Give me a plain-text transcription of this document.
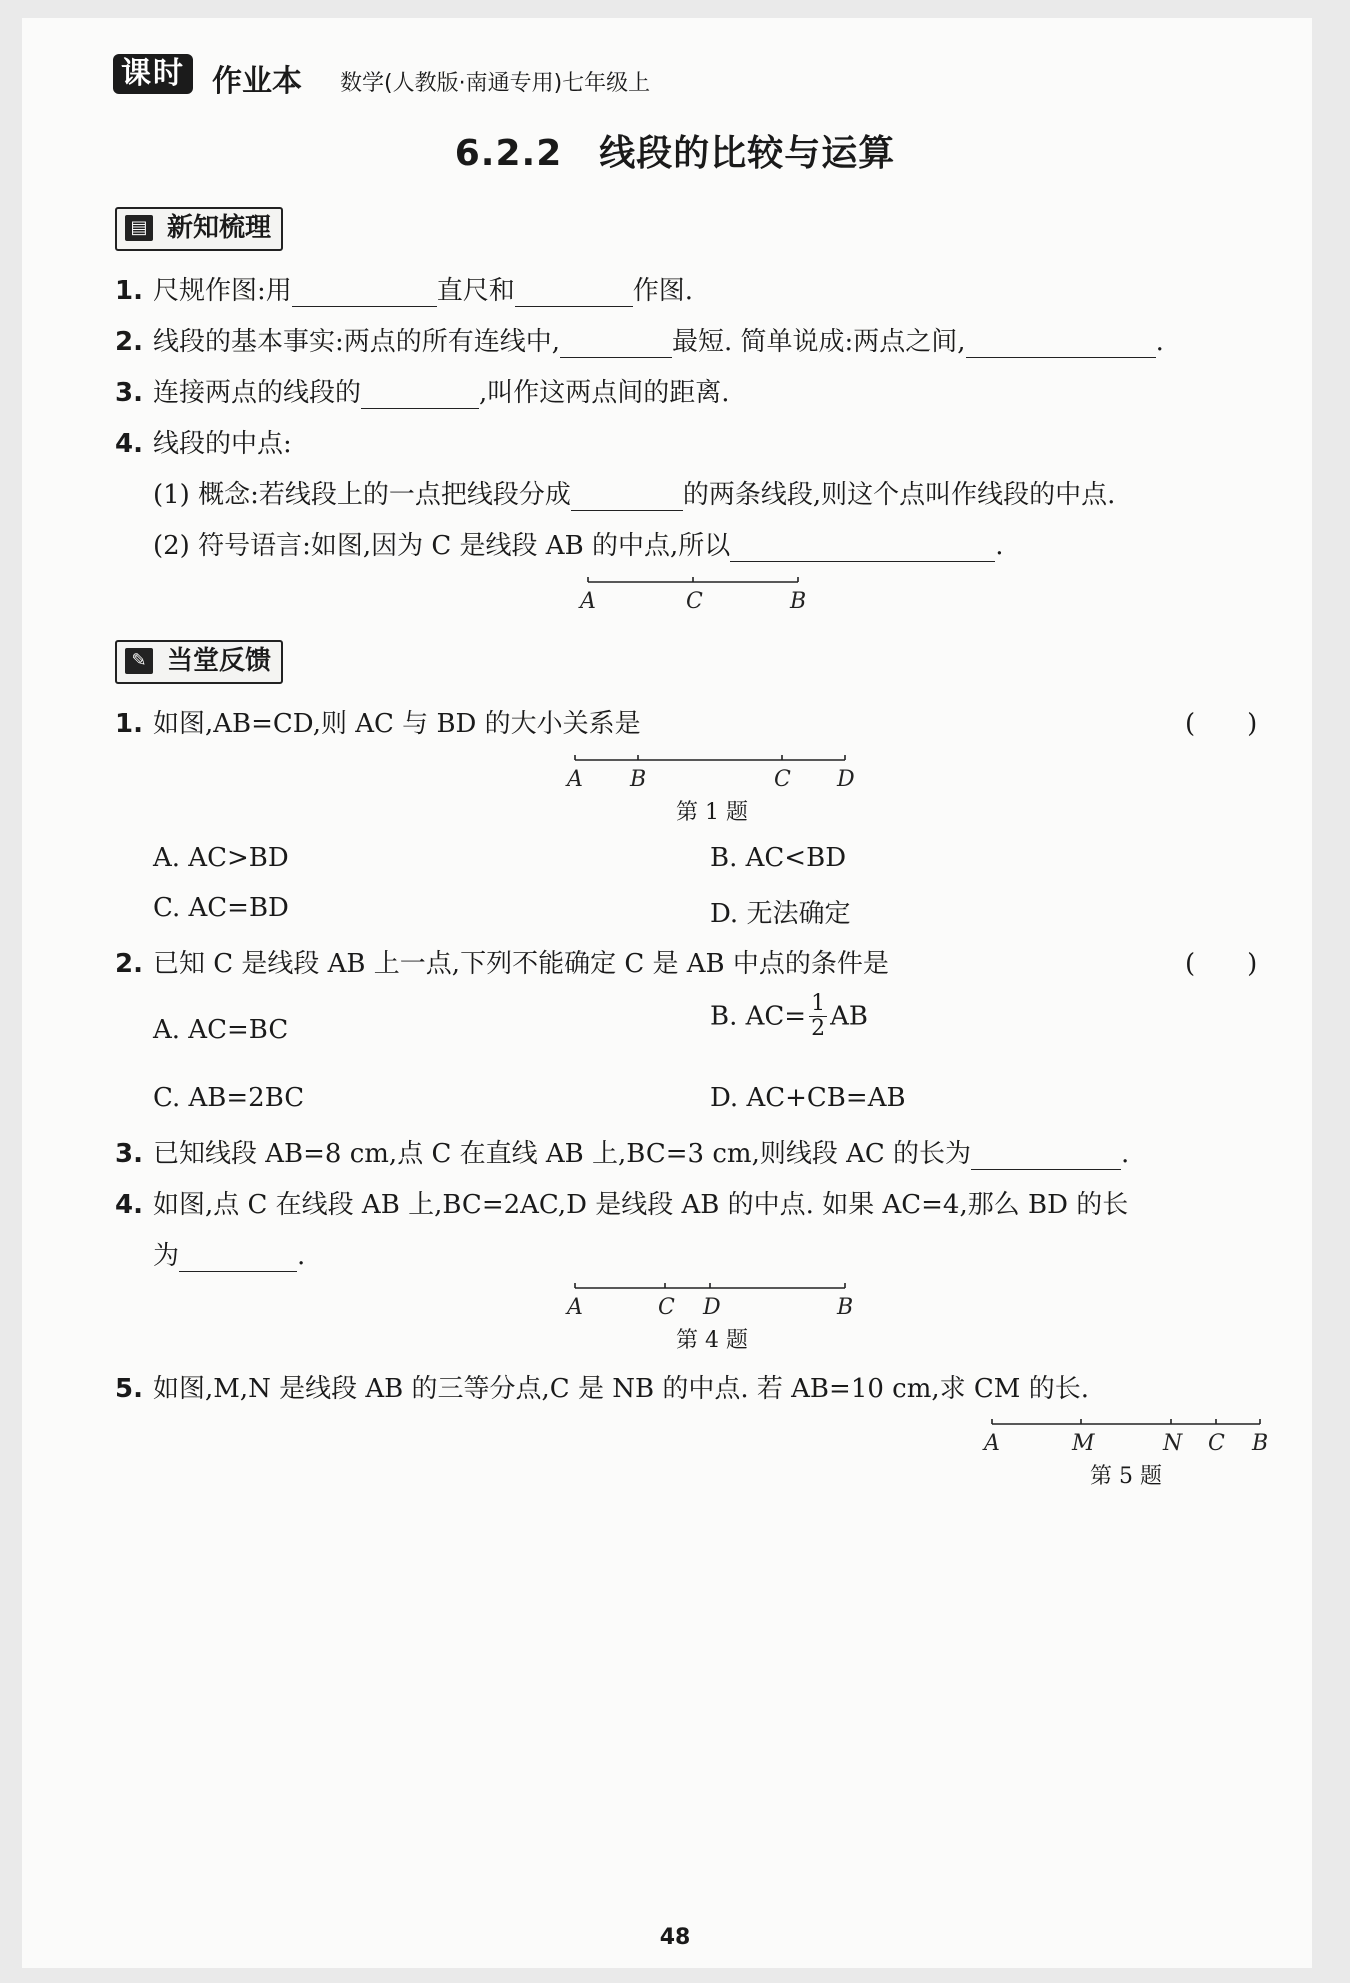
课时 作业本 数学(人教版·南通专用)七年级上
6.2.2　线段的比较与运算
▤ 新知梳理
1. 尺规作图:用	直尺和	作图.
2. 线段的基本事实:两点的所有连线中,	最短. 简单说成:两点之间,	.
3. 连接两点的线段的	,叫作这两点间的距离.
4. 线段的中点:
(1) 概念:若线段上的一点把线段分成	的两条线段,则这个点叫作线段的中点.
(2) 符号语言:如图,因为 C 是线段 AB 的中点,所以	.
A	C	B
✎ 当堂反馈
1. 如图,AB=CD,则 AC 与 BD 的大小关系是	(　　)
A B	C D
第 1 题
A. AC>BD	B. AC<BD
C. AC=BD	D. 无法确定
2. 已知 C 是线段 AB 上一点,下列不能确定 C 是 AB 中点的条件是	(　　)
A. AC=BC	B. $AC= \frac{1}{2}$ AB
C. AB=2BC	D. AC+CB=AB
3. 已知线段 AB=8 cm,点 C 在直线 AB 上,BC=3 cm,则线段 AC 的长为	.
4. 如图,点 C 在线段 AB 上,BC=2AC,D 是线段 AB 的中点. 如果 AC=4,那么 BD 的长
为	.
A	C D	B
第 4 题
5. 如图,M,N 是线段 AB 的三等分点,C 是 NB 的中点. 若 AB=10 cm,求 CM 的长.
A	M	N C B
第 5 题
48
